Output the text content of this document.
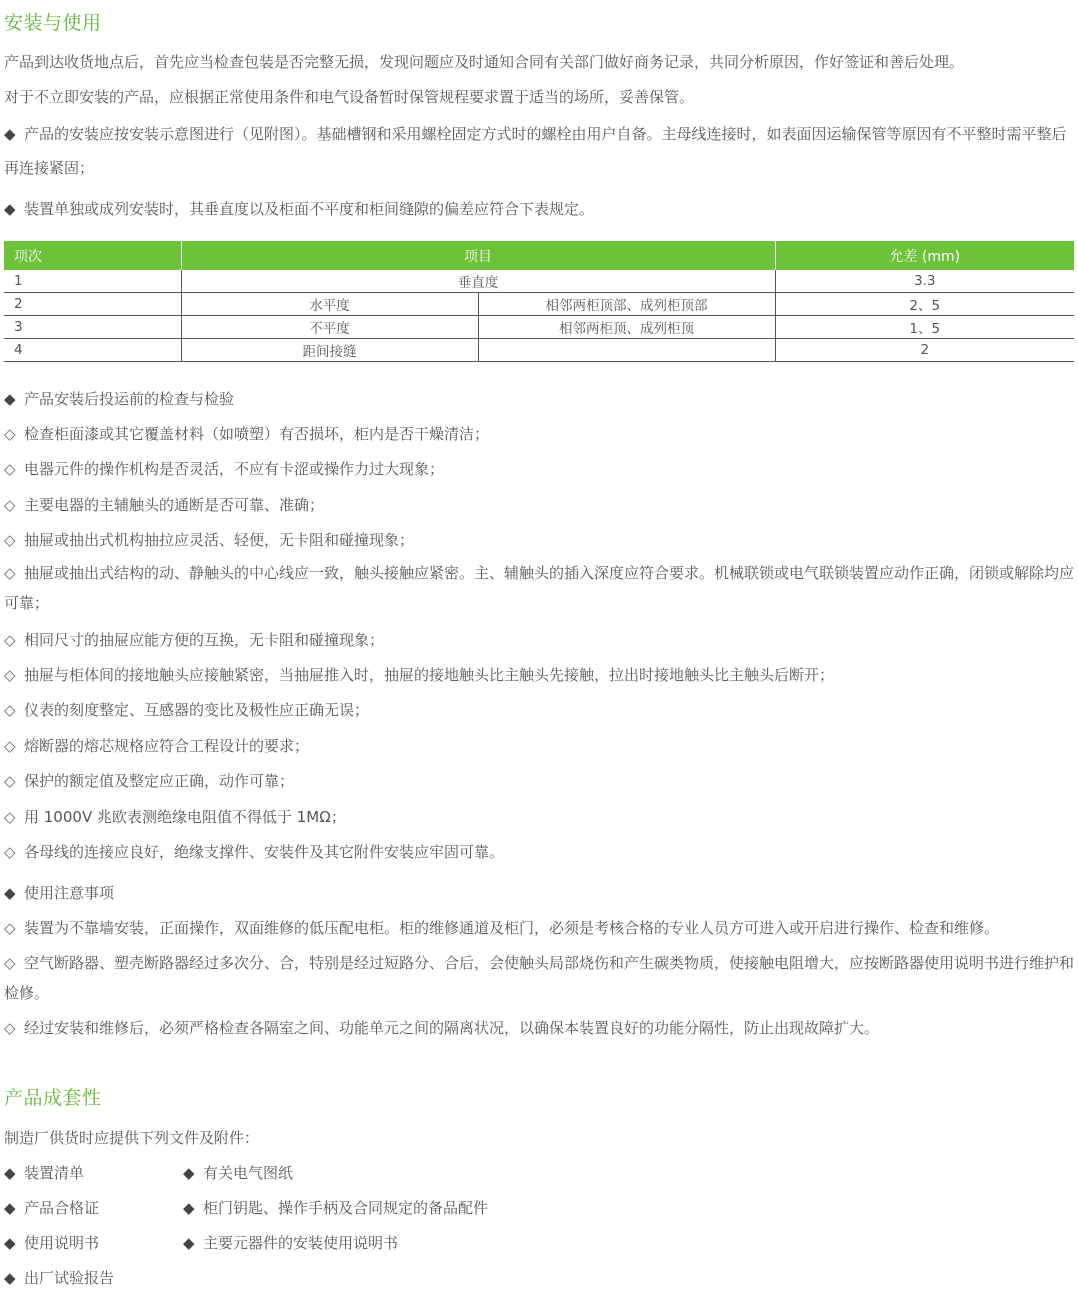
安装与使用
产品到达收货地点后，首先应当检查包装是否完整无损，发现问题应及时通知合同有关部门做好商务记录，共同分析原因，作好签证和善后处理。
对于不立即安装的产品，应根据正常使用条件和电气设备暂时保管规程要求置于适当的场所，妥善保管。
◆ 产品的安装应按安装示意图进行（见附图）。基础槽钢和采用螺栓固定方式时的螺栓由用户自备。主母线连接时，如表面因运输保管等原因有不平整时需平整后再连接紧固；
◆ 装置单独或成列安装时，其垂直度以及柜面不平度和柜间缝隙的偏差应符合下表规定。
项次	项目		允差 (mm)
1	垂直度		3.3
2	水平度	相邻两柜顶部、成列柜顶部	2、5
3	不平度	相邻两柜顶、成列柜顶	1、5
4	距间接缝		2
◆ 产品安装后投运前的检查与检验
◇ 检查柜面漆或其它覆盖材料（如喷塑）有否损坏，柜内是否干燥清洁；
◇ 电器元件的操作机构是否灵活，不应有卡涩或操作力过大现象；
◇ 主要电器的主辅触头的通断是否可靠、准确；
◇ 抽屉或抽出式机构抽拉应灵活、轻便，无卡阻和碰撞现象；
◇ 抽屉或抽出式结构的动、静触头的中心线应一致，触头接触应紧密。主、辅触头的插入深度应符合要求。机械联锁或电气联锁装置应动作正确，闭锁或解除均应可靠；
◇ 相同尺寸的抽屉应能方便的互换，无卡阻和碰撞现象；
◇ 抽屉与柜体间的接地触头应接触紧密，当抽屉推入时，抽屉的接地触头比主触头先接触，拉出时接地触头比主触头后断开；
◇ 仪表的刻度整定、互感器的变比及极性应正确无误；
◇ 熔断器的熔芯规格应符合工程设计的要求；
◇ 保护的额定值及整定应正确，动作可靠；
◇ 用 1000V 兆欧表测绝缘电阻值不得低于 1MΩ；
◇ 各母线的连接应良好，绝缘支撑件、安装件及其它附件安装应牢固可靠。
◆ 使用注意事项
◇ 装置为不靠墙安装，正面操作，双面维修的低压配电柜。柜的维修通道及柜门，必须是考核合格的专业人员方可进入或开启进行操作、检查和维修。
◇ 空气断路器、塑壳断路器经过多次分、合，特别是经过短路分、合后，会使触头局部烧伤和产生碳类物质，使接触电阻增大，应按断路器使用说明书进行维护和检修。
◇ 经过安装和维修后，必须严格检查各隔室之间、功能单元之间的隔离状况，以确保本装置良好的功能分隔性，防止出现故障扩大。
产品成套性
制造厂供货时应提供下列文件及附件：
◆ 装置清单	◆ 有关电气图纸
◆ 产品合格证	◆ 柜门钥匙、操作手柄及合同规定的备品配件
◆ 使用说明书	◆ 主要元器件的安装使用说明书
◆ 出厂试验报告
